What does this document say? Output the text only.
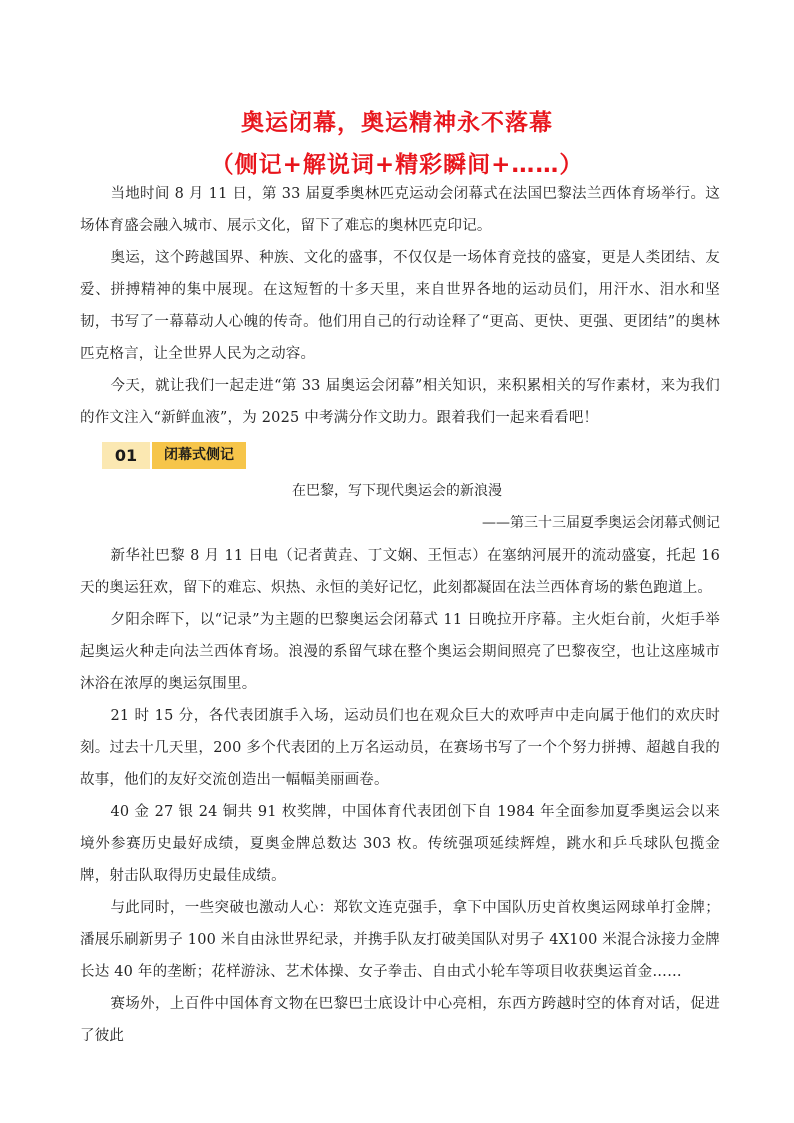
奥运闭幕，奥运精神永不落幕
（侧记+解说词+精彩瞬间+……）

当地时间 8 月 11 日，第 33 届夏季奥林匹克运动会闭幕式在法国巴黎法兰西体育场举行。这场体育盛会融入城市、展示文化，留下了难忘的奥林匹克印记。

奥运，这个跨越国界、种族、文化的盛事，不仅仅是一场体育竞技的盛宴，更是人类团结、友爱、拼搏精神的集中展现。在这短暂的十多天里，来自世界各地的运动员们，用汗水、泪水和坚韧，书写了一幕幕动人心魄的传奇。他们用自己的行动诠释了“更高、更快、更强、更团结”的奥林匹克格言，让全世界人民为之动容。

今天，就让我们一起走进“第 33 届奥运会闭幕”相关知识，来积累相关的写作素材，来为我们的作文注入“新鲜血液”，为 2025 中考满分作文助力。跟着我们一起来看看吧！

01	闭幕式侧记

在巴黎，写下现代奥运会的新浪漫

——第三十三届夏季奥运会闭幕式侧记

新华社巴黎 8 月 11 日电（记者黄垚、丁文娴、王恒志）在塞纳河展开的流动盛宴，托起 16 天的奥运狂欢，留下的难忘、炽热、永恒的美好记忆，此刻都凝固在法兰西体育场的紫色跑道上。

夕阳余晖下，以“记录”为主题的巴黎奥运会闭幕式 11 日晚拉开序幕。主火炬台前，火炬手举起奥运火种走向法兰西体育场。浪漫的系留气球在整个奥运会期间照亮了巴黎夜空，也让这座城市沐浴在浓厚的奥运氛围里。

21 时 15 分，各代表团旗手入场，运动员们也在观众巨大的欢呼声中走向属于他们的欢庆时刻。过去十几天里，200 多个代表团的上万名运动员，在赛场书写了一个个努力拼搏、超越自我的故事，他们的友好交流创造出一幅幅美丽画卷。

40 金 27 银 24 铜共 91 枚奖牌，中国体育代表团创下自 1984 年全面参加夏季奥运会以来境外参赛历史最好成绩，夏奥金牌总数达 303 枚。传统强项延续辉煌，跳水和乒乓球队包揽金牌，射击队取得历史最佳成绩。

与此同时，一些突破也激动人心：郑钦文连克强手，拿下中国队历史首枚奥运网球单打金牌；潘展乐刷新男子 100 米自由泳世界纪录，并携手队友打破美国队对男子 4X100 米混合泳接力金牌长达 40 年的垄断；花样游泳、艺术体操、女子拳击、自由式小轮车等项目收获奥运首金……

赛场外，上百件中国体育文物在巴黎巴士底设计中心亮相，东西方跨越时空的体育对话，促进了彼此
